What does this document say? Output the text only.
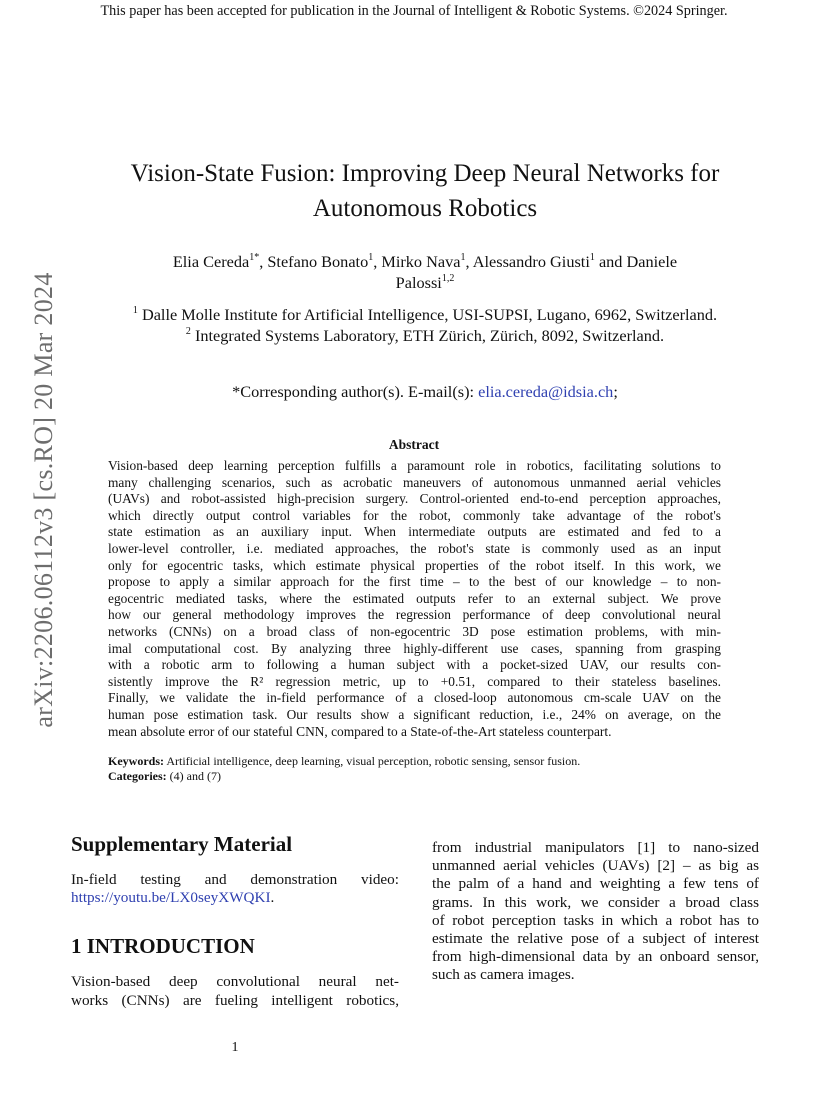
This paper has been accepted for publication in the Journal of Intelligent & Robotic Systems. ©2024 Springer.
arXiv:2206.06112v3 [cs.RO] 20 Mar 2024
Vision-State Fusion: Improving Deep Neural Networks for
Autonomous Robotics
Elia Cereda$^{1*}$, Stefano Bonato$^1$, Mirko Nava$^1$, Alessandro Giusti$^1$ and Daniele
Palossi$^{1,2}$
$^1$ Dalle Molle Institute for Artificial Intelligence, USI-SUPSI, Lugano, 6962, Switzerland.
$^2$ Integrated Systems Laboratory, ETH Zürich, Zürich, 8092, Switzerland.
*Corresponding author(s). E-mail(s): elia.cereda@idsia.ch;
Abstract
Vision-based deep learning perception fulfills a paramount role in robotics, facilitating solutions to
many challenging scenarios, such as acrobatic maneuvers of autonomous unmanned aerial vehicles
(UAVs) and robot-assisted high-precision surgery. Control-oriented end-to-end perception approaches,
which directly output control variables for the robot, commonly take advantage of the robot's
state estimation as an auxiliary input. When intermediate outputs are estimated and fed to a
lower-level controller, i.e. mediated approaches, the robot's state is commonly used as an input
only for egocentric tasks, which estimate physical properties of the robot itself. In this work, we
propose to apply a similar approach for the first time – to the best of our knowledge – to non-
egocentric mediated tasks, where the estimated outputs refer to an external subject. We prove
how our general methodology improves the regression performance of deep convolutional neural
networks (CNNs) on a broad class of non-egocentric 3D pose estimation problems, with min-
imal computational cost. By analyzing three highly-different use cases, spanning from grasping
with a robotic arm to following a human subject with a pocket-sized UAV, our results con-
sistently improve the R² regression metric, up to +0.51, compared to their stateless baselines.
Finally, we validate the in-field performance of a closed-loop autonomous cm-scale UAV on the
human pose estimation task. Our results show a significant reduction, i.e., 24% on average, on the
mean absolute error of our stateful CNN, compared to a State-of-the-Art stateless counterpart.
Keywords: Artificial intelligence, deep learning, visual perception, robotic sensing, sensor fusion.
Categories: (4) and (7)
Supplementary Material
In-field testing and demonstration video:
https://youtu.be/LX0seyXWQKI.
1 INTRODUCTION
Vision-based deep convolutional neural net-
works (CNNs) are fueling intelligent robotics,
from industrial manipulators [1] to nano-sized
unmanned aerial vehicles (UAVs) [2] – as big as
the palm of a hand and weighting a few tens of
grams. In this work, we consider a broad class
of robot perception tasks in which a robot has to
estimate the relative pose of a subject of interest
from high-dimensional data by an onboard sensor,
such as camera images.
1
